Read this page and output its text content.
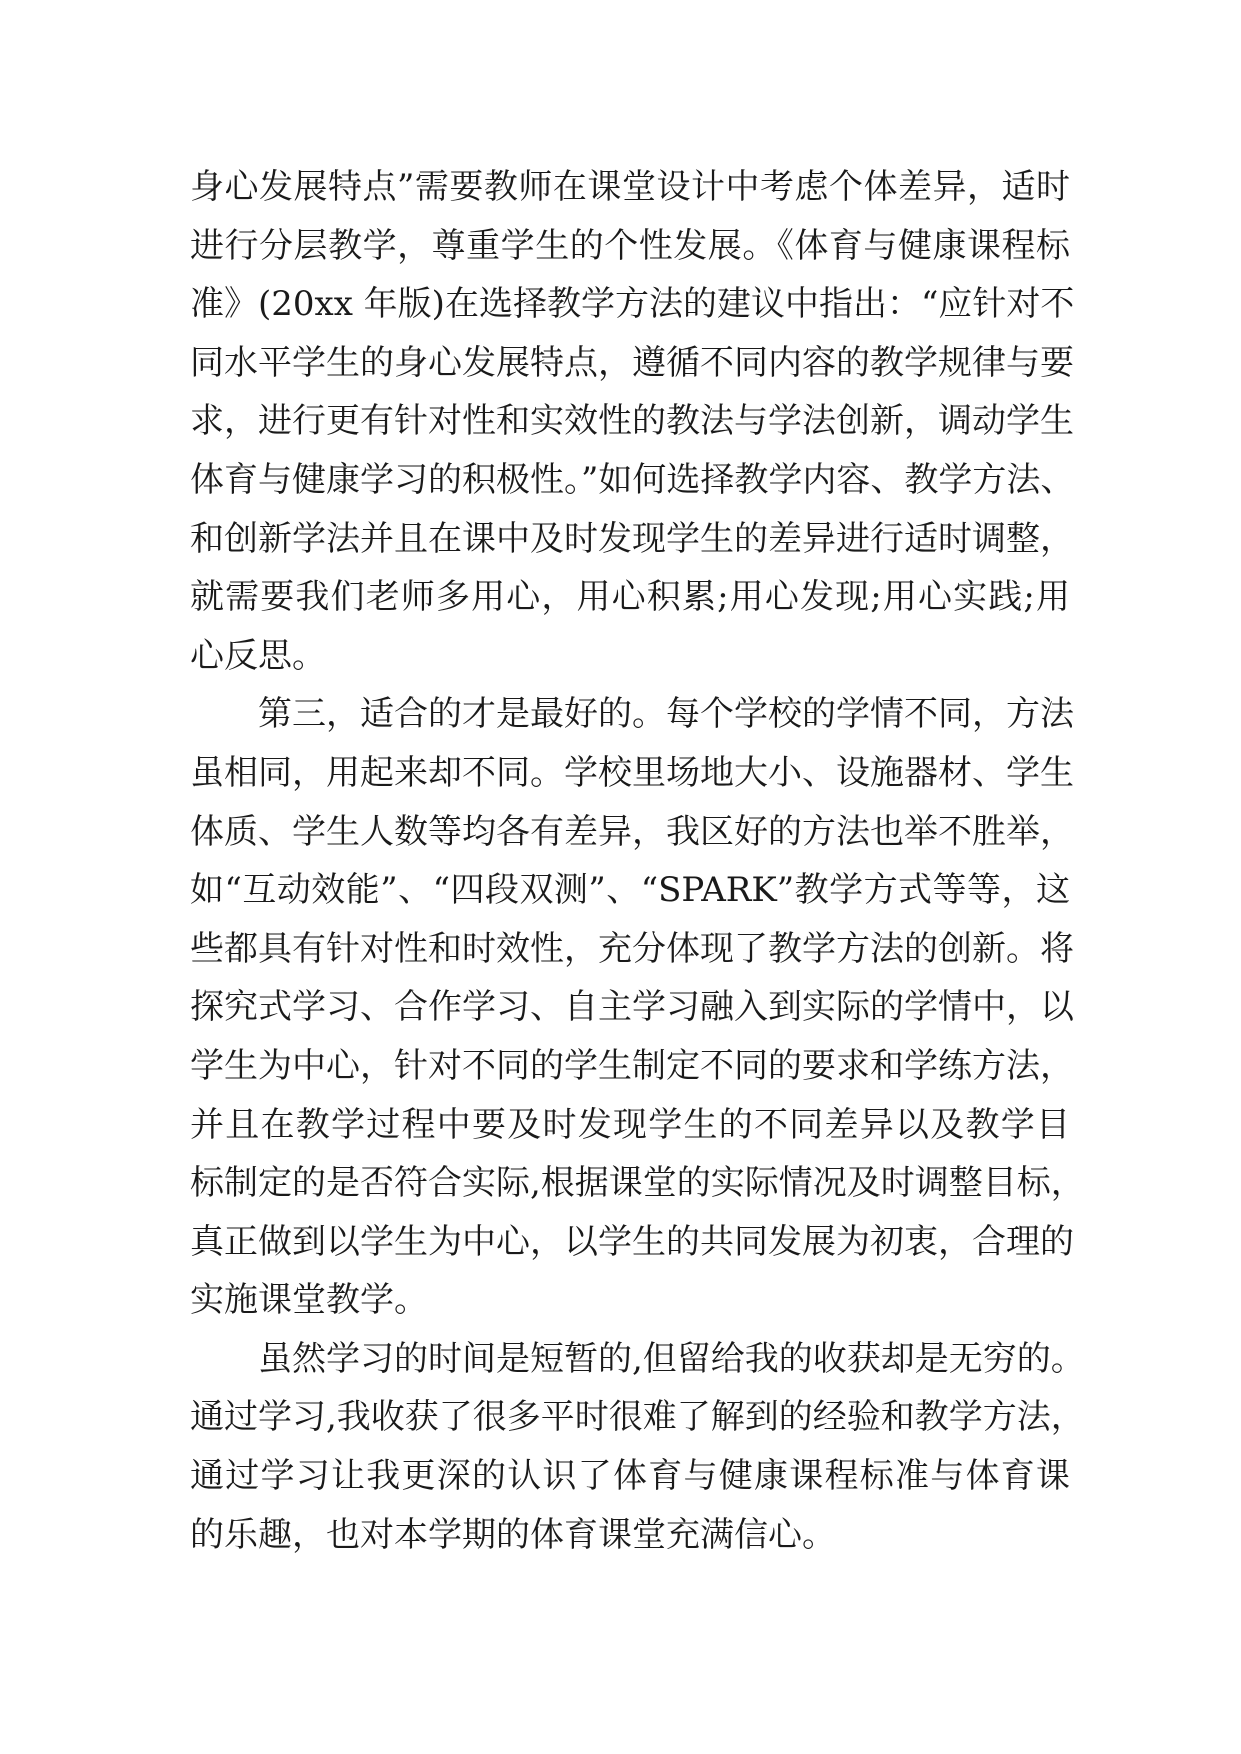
身心发展特点”需要教师在课堂设计中考虑个体差异，适时
进行分层教学，尊重学生的个性发展。《体育与健康课程标
准》(20xx 年版)在选择教学方法的建议中指出：“应针对不
同水平学生的身心发展特点，遵循不同内容的教学规律与要
求，进行更有针对性和实效性的教法与学法创新，调动学生
体育与健康学习的积极性。”如何选择教学内容、教学方法、
和创新学法并且在课中及时发现学生的差异进行适时调整，
就需要我们老师多用心，用心积累;用心发现;用心实践;用
心反思。
第三，适合的才是最好的。每个学校的学情不同，方法
虽相同，用起来却不同。学校里场地大小、设施器材、学生
体质、学生人数等均各有差异，我区好的方法也举不胜举，
如“互动效能”、“四段双测”、“SPARK”教学方式等等，这
些都具有针对性和时效性，充分体现了教学方法的创新。将
探究式学习、合作学习、自主学习融入到实际的学情中，以
学生为中心，针对不同的学生制定不同的要求和学练方法，
并且在教学过程中要及时发现学生的不同差异以及教学目
标制定的是否符合实际,根据课堂的实际情况及时调整目标，
真正做到以学生为中心，以学生的共同发展为初衷，合理的
实施课堂教学。
虽然学习的时间是短暂的,但留给我的收获却是无穷的。
通过学习,我收获了很多平时很难了解到的经验和教学方法，
通过学习让我更深的认识了体育与健康课程标准与体育课
的乐趣，也对本学期的体育课堂充满信心。
